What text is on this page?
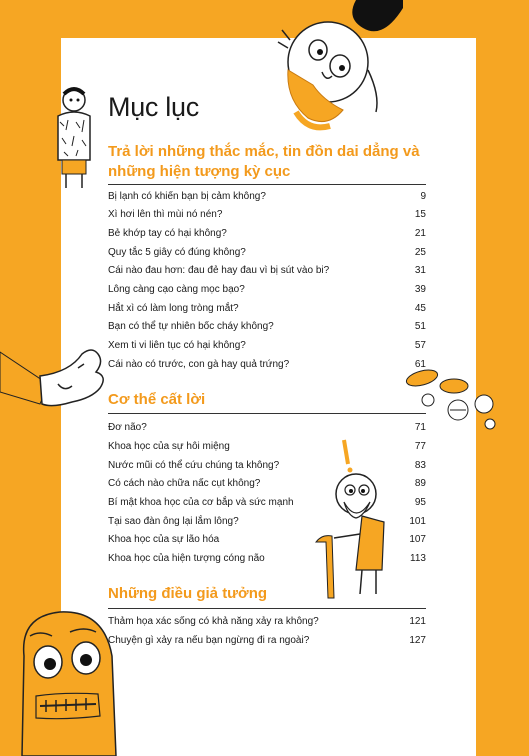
Mục lục
Trả lời những thắc mắc, tin đồn dai dẳng và
những hiện tượng kỳ cục
Bị lạnh có khiến bạn bị cảm không?	9
Xì hơi lên thì mùi nó nén?	15
Bẻ khớp tay có hại không?	21
Quy tắc 5 giây có đúng không?	25
Cái nào đau hơn: đau đẻ hay đau vì bị sút vào bi?	31
Lông càng cạo càng mọc bạo?	39
Hắt xì có làm long tròng mắt?	45
Bạn có thể tự nhiên bốc cháy không?	51
Xem ti vi liên tục có hại không?	57
Cái nào có trước, con gà hay quả trứng?	61
Cơ thể cất lời
Đơ não?	71
Khoa học của sự hôi miệng	77
Nước mũi có thể cứu chúng ta không?	83
Có cách nào chữa nấc cụt không?	89
Bí mật khoa học của cơ bắp và sức mạnh	95
Tại sao đàn ông lại lắm lông?	101
Khoa học của sự lão hóa	107
Khoa học của hiện tượng cóng não	113
Những điều giả tưởng
Thảm họa xác sống có khả năng xảy ra không?	121
Chuyện gì xảy ra nếu bạn ngừng đi ra ngoài?	127
